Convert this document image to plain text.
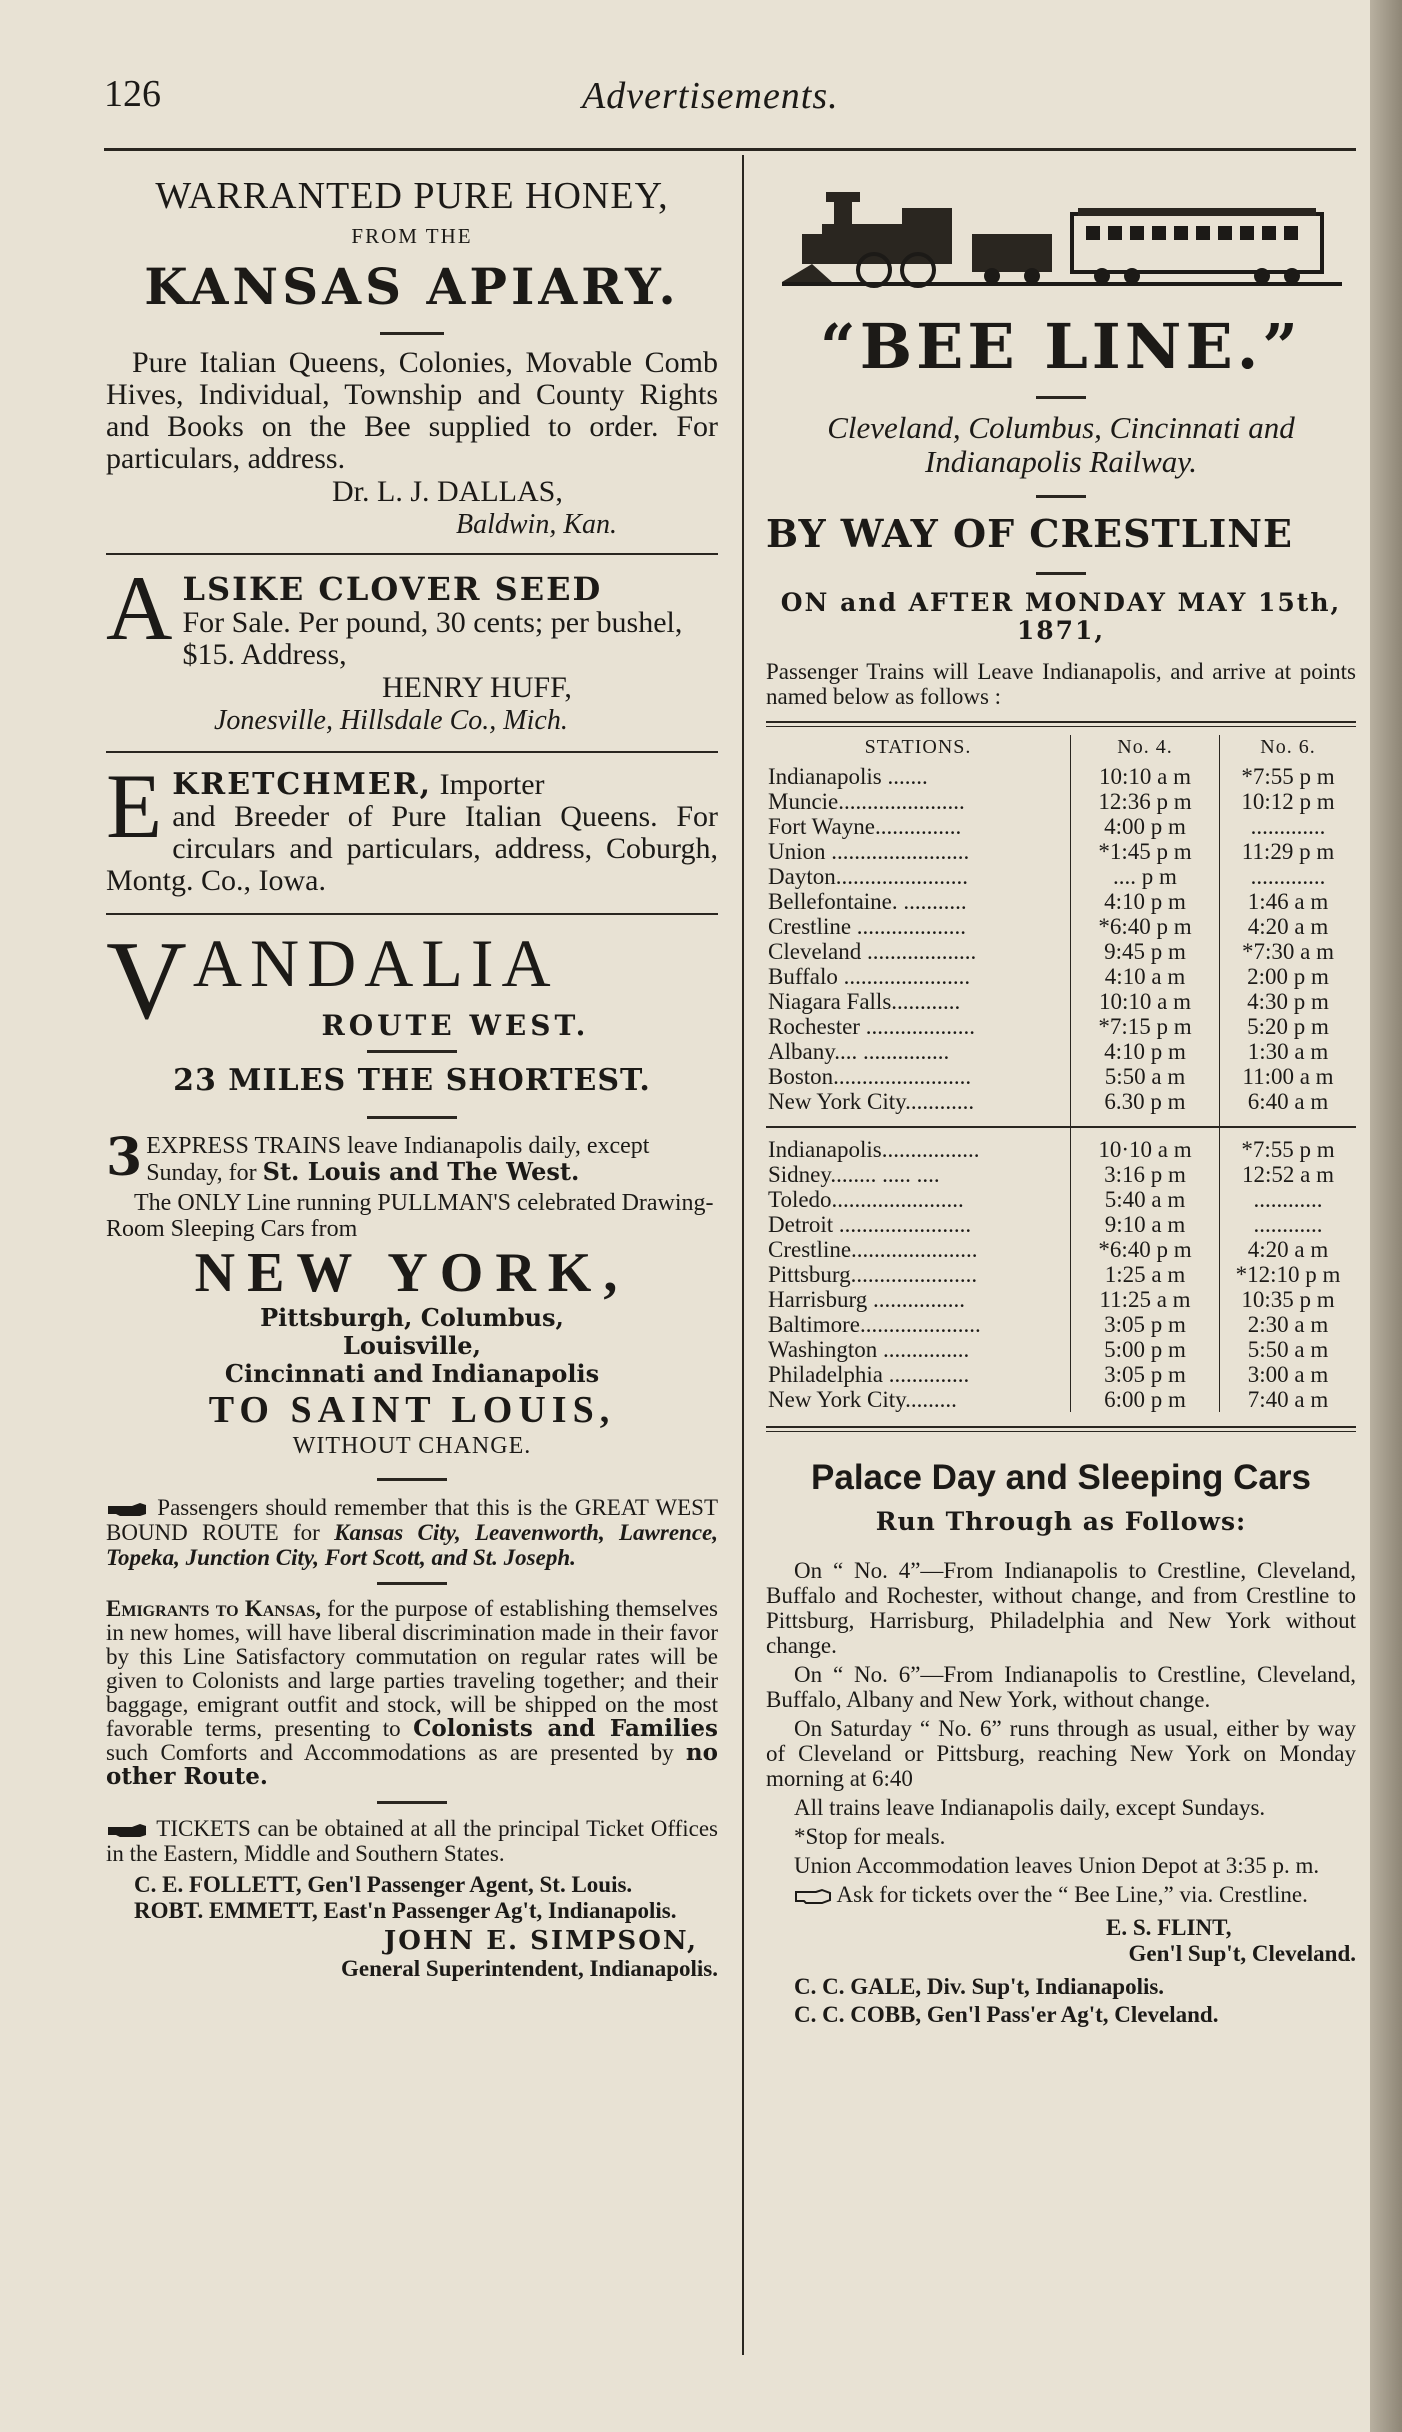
126	Advertisements.
WARRANTED PURE HONEY,
FROM THE
KANSAS APIARY.

Pure Italian Queens, Colonies, Movable Comb Hives, Individual, Township and County Rights and Books on the Bee supplied to order. For particulars, address.

Dr. L. J. DALLAS,
Baldwin, Kan.
A LSIKE CLOVER SEED

For Sale. Per pound, 30 cents; per bushel, $15. Address,

HENRY HUFF,
Jonesville, Hillsdale Co., Mich.
E KRETCHMER, Importer

and Breeder of Pure Italian Queens. For circulars and particulars, address, Coburgh, Montg. Co., Iowa.

V ANDALIA
ROUTE WEST.
23 MILES THE SHORTEST.
3 EXPRESS TRAINS leave Indianapolis daily, except Sunday, for St. Louis and The West.

The ONLY Line running PULLMAN'S celebrated Drawing-Room Sleeping Cars from

NEW YORK,
Pittsburgh, Columbus,
Louisville,
Cincinnati and Indianapolis
TO SAINT LOUIS,
WITHOUT CHANGE.

Passengers should remember that this is the GREAT WEST BOUND ROUTE for Kansas City, Leavenworth, Lawrence, Topeka, Junction City, Fort Scott, and St. Joseph.

Emigrants to Kansas, for the purpose of establishing themselves in new homes, will have liberal discrimination made in their favor by this Line Satisfactory commutation on regular rates will be given to Colonists and large parties traveling together; and their baggage, emigrant outfit and stock, will be shipped on the most favorable terms, presenting to Colonists and Families such Comforts and Accommodations as are presented by no other Route.

TICKETS can be obtained at all the principal Ticket Offices in the Eastern, Middle and Southern States.

C. E. FOLLETT, Gen'l Passenger Agent, St. Louis.

ROBT. EMMETT, East'n Passenger Ag't, Indianapolis.

JOHN E. SIMPSON,
General Superintendent, Indianapolis.
“BEE LINE.”
Cleveland, Columbus, Cincinnati and Indianapolis Railway.
BY WAY OF CRESTLINE
ON and AFTER MONDAY MAY 15th, 1871,

Passenger Trains will Leave Indianapolis, and arrive at points named below as follows :

STATIONS.	No. 4.	No. 6.
Indianapolis .......	10:10 a m	*7:55 p m
Muncie......................	12:36 p m	10:12 p m
Fort Wayne...............	4:00 p m	.............
Union ........................	*1:45 p m	11:29 p m
Dayton.......................	.... p m	.............
Bellefontaine. ...........	4:10 p m	1:46 a m
Crestline ...................	*6:40 p m	4:20 a m
Cleveland ...................	9:45 p m	*7:30 a m
Buffalo ......................	4:10 a m	2:00 p m
Niagara Falls............	10:10 a m	4:30 p m
Rochester ...................	*7:15 p m	5:20 p m
Albany.... ...............	4:10 p m	1:30 a m
Boston........................	5:50 a m	11:00 a m
New York City............	6.30 p m	6:40 a m

Indianapolis.................	10·10 a m	*7:55 p m
Sidney........ ..... ....	3:16 p m	12:52 a m
Toledo.......................	5:40 a m	............
Detroit .......................	9:10 a m	............
Crestline......................	*6:40 p m	4:20 a m
Pittsburg......................	1:25 a m	*12:10 p m
Harrisburg ................	11:25 a m	10:35 p m
Baltimore.....................	3:05 p m	2:30 a m
Washington ...............	5:00 p m	5:50 a m
Philadelphia ..............	3:05 p m	3:00 a m
New York City.........	6:00 p m	7:40 a m
Palace Day and Sleeping Cars
Run Through as Follows:

On “ No. 4”—From Indianapolis to Crestline, Cleveland, Buffalo and Rochester, without change, and from Crestline to Pittsburg, Harrisburg, Philadelphia and New York without change.

On “ No. 6”—From Indianapolis to Crestline, Cleveland, Buffalo, Albany and New York, without change.

On Saturday “ No. 6” runs through as usual, either by way of Cleveland or Pittsburg, reaching New York on Monday morning at 6:40

All trains leave Indianapolis daily, except Sundays.

*Stop for meals.

Union Accommodation leaves Union Depot at 3:35 p. m.

Ask for tickets over the “ Bee Line,” via. Crestline.

E. S. FLINT,
Gen'l Sup't, Cleveland.
C. C. GALE, Div. Sup't, Indianapolis.
C. C. COBB, Gen'l Pass'er Ag't, Cleveland.
